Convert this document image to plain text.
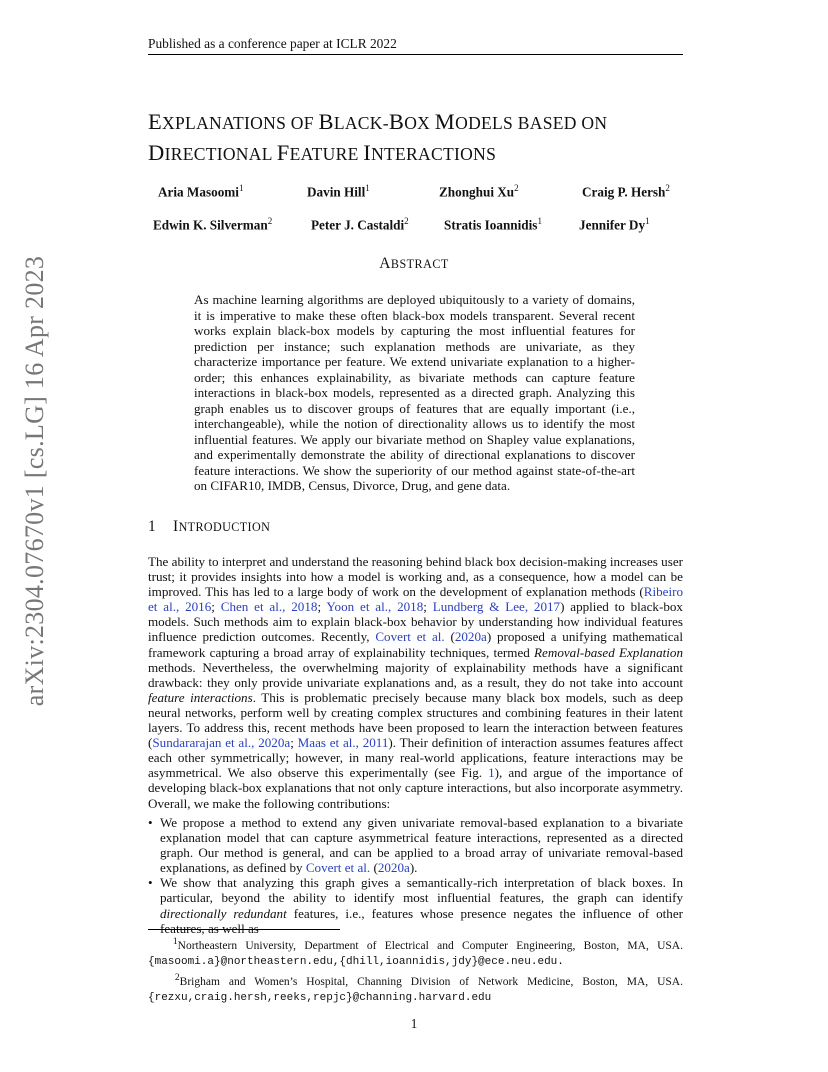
Published as a conference paper at ICLR 2022
EXPLANATIONS OF BLACK-BOX MODELS BASED ON
DIRECTIONAL FEATURE INTERACTIONS
Aria Masoomi$^1$	Davin Hill$^1$	Zhonghui Xu$^2$	Craig P. Hersh$^2$
Edwin K. Silverman$^2$	Peter J. Castaldi$^2$	Stratis Ioannidis$^1$	Jennifer Dy$^1$
ABSTRACT
As machine learning algorithms are deployed ubiquitously to a variety of domains, it is imperative to make these often black-box models transparent. Several recent works explain black-box models by capturing the most influential features for prediction per instance; such explanation methods are univariate, as they characterize importance per feature. We extend univariate explanation to a higher-order; this enhances explainability, as bivariate methods can capture feature interactions in black-box models, represented as a directed graph. Analyzing this graph enables us to discover groups of features that are equally important (i.e., interchangeable), while the notion of directionality allows us to identify the most influential features. We apply our bivariate method on Shapley value explanations, and experimentally demonstrate the ability of directional explanations to discover feature interactions. We show the superiority of our method against state-of-the-art on CIFAR10, IMDB, Census, Divorce, Drug, and gene data.
1 INTRODUCTION

The ability to interpret and understand the reasoning behind black box decision-making increases user trust; it provides insights into how a model is working and, as a consequence, how a model can be improved. This has led to a large body of work on the development of explanation methods (Ribeiro et al., 2016; Chen et al., 2018; Yoon et al., 2018; Lundberg & Lee, 2017) applied to black-box models. Such methods aim to explain black-box behavior by understanding how individual features influence prediction outcomes. Recently, Covert et al. (2020a) proposed a unifying mathematical framework capturing a broad array of explainability techniques, termed Removal-based Explanation methods. Nevertheless, the overwhelming majority of explainability methods have a significant drawback: they only provide univariate explanations and, as a result, they do not take into account feature interactions. This is problematic precisely because many black box models, such as deep neural networks, perform well by creating complex structures and combining features in their latent layers. To address this, recent methods have been proposed to learn the interaction between features (Sundararajan et al., 2020a; Maas et al., 2011). Their definition of interaction assumes features affect each other symmetrically; however, in many real-world applications, feature interactions may be asymmetrical. We also observe this experimentally (see Fig. 1), and argue of the importance of developing black-box explanations that not only capture interactions, but also incorporate asymmetry. Overall, we make the following contributions:

• We propose a method to extend any given univariate removal-based explanation to a bivariate explanation model that can capture asymmetrical feature interactions, represented as a directed graph. Our method is general, and can be applied to a broad array of univariate removal-based explanations, as defined by Covert et al. (2020a).
• We show that analyzing this graph gives a semantically-rich interpretation of black boxes. In particular, beyond the ability to identify most influential features, the graph can identify directionally redundant features, i.e., features whose presence negates the influence of other features, as well as
$^1$Northeastern University, Department of Electrical and Computer Engineering, Boston, MA, USA. {masoomi.a}@northeastern.edu,{dhill,ioannidis,jdy}@ece.neu.edu.
$^2$Brigham and Women’s Hospital, Channing Division of Network Medicine, Boston, MA, USA. {rezxu,craig.hersh,reeks,repjc}@channing.harvard.edu
1
arXiv:2304.07670v1 [cs.LG] 16 Apr 2023
